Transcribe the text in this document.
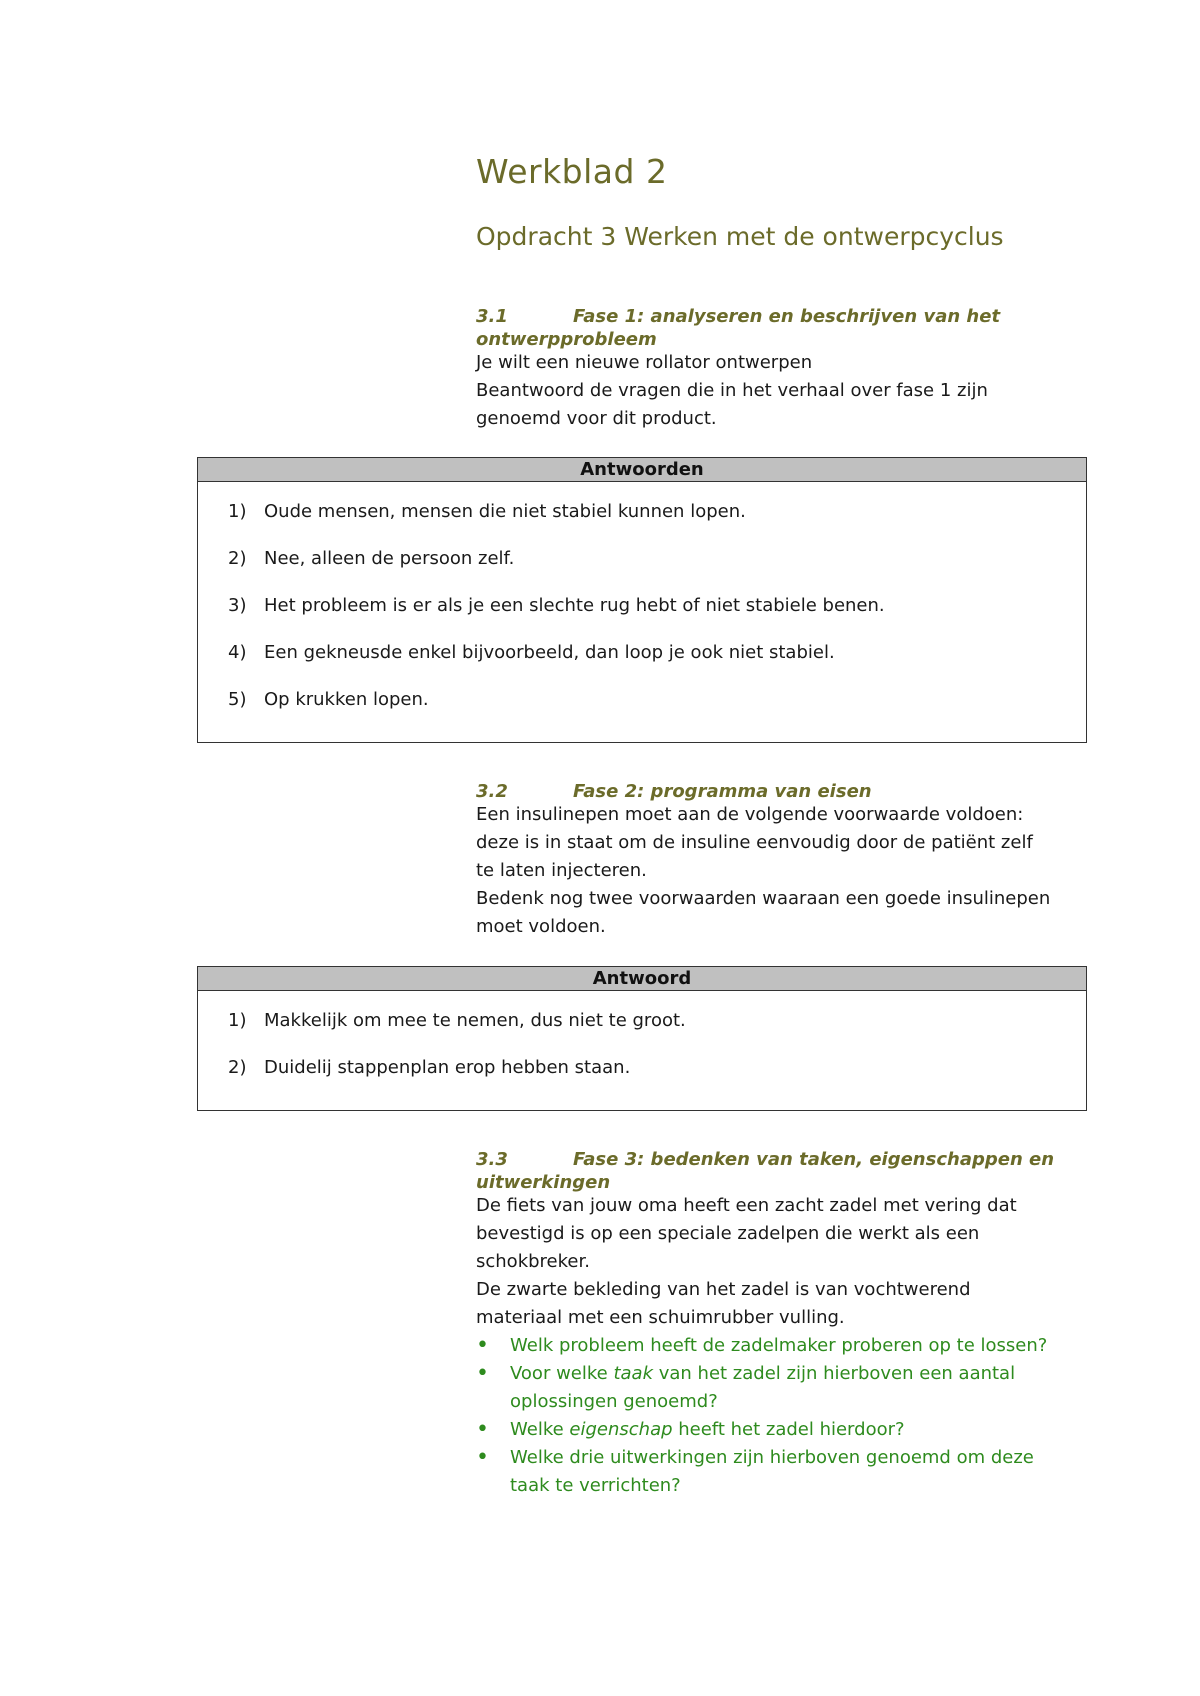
Werkblad 2
Opdracht 3 Werken met de ontwerpcyclus

3.1	Fase 1: analyseren en beschrijven van het

ontwerpprobleem

Je wilt een nieuwe rollator ontwerpen

Beantwoord de vragen die in het verhaal over fase 1 zijn

genoemd voor dit product.

Antwoorden
1) Oude mensen, mensen die niet stabiel kunnen lopen.
2) Nee, alleen de persoon zelf.
3) Het probleem is er als je een slechte rug hebt of niet stabiele benen.
4) Een gekneusde enkel bijvoorbeeld, dan loop je ook niet stabiel.
5) Op krukken lopen.

3.2	Fase 2: programma van eisen

Een insulinepen moet aan de volgende voorwaarde voldoen:

deze is in staat om de insuline eenvoudig door de patiënt zelf

te laten injecteren.

Bedenk nog twee voorwaarden waaraan een goede insulinepen

moet voldoen.

Antwoord
1) Makkelijk om mee te nemen, dus niet te groot.
2) Duidelij stappenplan erop hebben staan.

3.3	Fase 3: bedenken van taken, eigenschappen en

uitwerkingen

De fiets van jouw oma heeft een zacht zadel met vering dat

bevestigd is op een speciale zadelpen die werkt als een

schokbreker.

De zwarte bekleding van het zadel is van vochtwerend

materiaal met een schuimrubber vulling.

• Welk probleem heeft de zadelmaker proberen op te lossen?
• Voor welke taak van het zadel zijn hierboven een aantal
oplossingen genoemd?
• Welke eigenschap heeft het zadel hierdoor?
• Welke drie uitwerkingen zijn hierboven genoemd om deze
taak te verrichten?
